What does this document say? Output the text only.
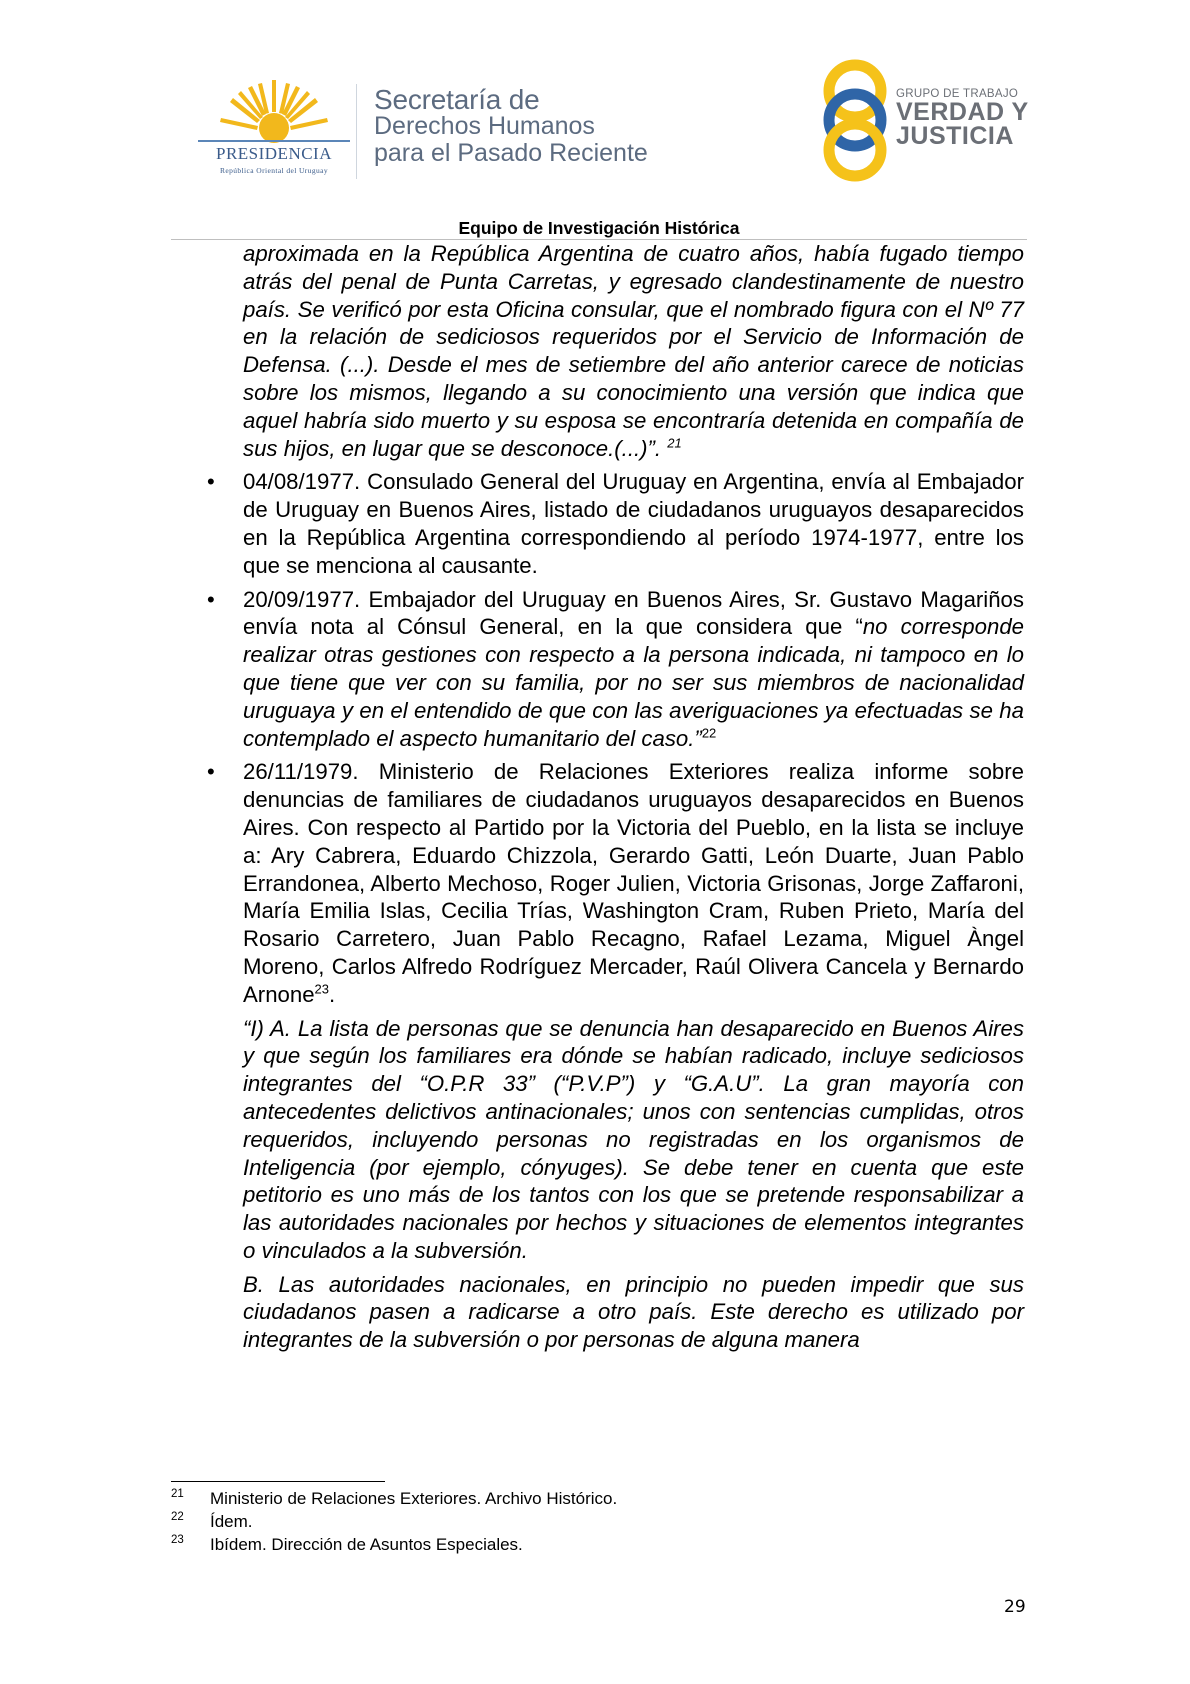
PRESIDENCIA
República Oriental del Uruguay
Secretaría de
Derechos Humanos
para el Pasado Reciente
GRUPO DE TRABAJO
VERDAD Y
JUSTICIA
Equipo de Investigación Histórica

aproximada en la República Argentina de cuatro años, había fugado tiempo atrás del penal de Punta Carretas, y egresado clandestinamente de nuestro país. Se verificó por esta Oficina consular, que el nombrado figura con el Nº 77 en la relación de sediciosos requeridos por el Servicio de Información de Defensa. (...). Desde el mes de setiembre del año anterior carece de noticias sobre los mismos, llegando a su conocimiento una versión que indica que aquel habría sido muerto y su esposa se encontraría detenida en compañía de sus hijos, en lugar que se desconoce.(...)”. $^{21}$

• 04/08/1977. Consulado General del Uruguay en Argentina, envía al Embajador de Uruguay en Buenos Aires, listado de ciudadanos uruguayos desaparecidos en la República Argentina correspondiendo al período 1974-1977, entre los que se menciona al causante.

• 20/09/1977. Embajador del Uruguay en Buenos Aires, Sr. Gustavo Magariños envía nota al Cónsul General, en la que considera que “no corresponde realizar otras gestiones con respecto a la persona indicada, ni tampoco en lo que tiene que ver con su familia, por no ser sus miembros de nacionalidad uruguaya y en el entendido de que con las averiguaciones ya efectuadas se ha contemplado el aspecto humanitario del caso.”$^{22}$

• 26/11/1979. Ministerio de Relaciones Exteriores realiza informe sobre denuncias de familiares de ciudadanos uruguayos desaparecidos en Buenos Aires. Con respecto al Partido por la Victoria del Pueblo, en la lista se incluye a: Ary Cabrera, Eduardo Chizzola, Gerardo Gatti, León Duarte, Juan Pablo Errandonea, Alberto Mechoso, Roger Julien, Victoria Grisonas, Jorge Zaffaroni, María Emilia Islas, Cecilia Trías, Washington Cram, Ruben Prieto, María del Rosario Carretero, Juan Pablo Recagno, Rafael Lezama, Miguel Àngel Moreno, Carlos Alfredo Rodríguez Mercader, Raúl Olivera Cancela y Bernardo Arnone$^{23}$.

“I) A. La lista de personas que se denuncia han desaparecido en Buenos Aires y que según los familiares era dónde se habían radicado, incluye sediciosos integrantes del “O.P.R 33” (“P.V.P”) y “G.A.U”. La gran mayoría con antecedentes delictivos antinacionales; unos con sentencias cumplidas, otros requeridos, incluyendo personas no registradas en los organismos de Inteligencia (por ejemplo, cónyuges). Se debe tener en cuenta que este petitorio es uno más de los tantos con los que se pretende responsabilizar a las autoridades nacionales por hechos y situaciones de elementos integrantes o vinculados a la subversión.

B. Las autoridades nacionales, en principio no pueden impedir que sus ciudadanos pasen a radicarse a otro país. Este derecho es utilizado por integrantes de la subversión o por personas de alguna manera

21 Ministerio de Relaciones Exteriores. Archivo Histórico.
22 Ídem.
23 Ibídem. Dirección de Asuntos Especiales.
29
